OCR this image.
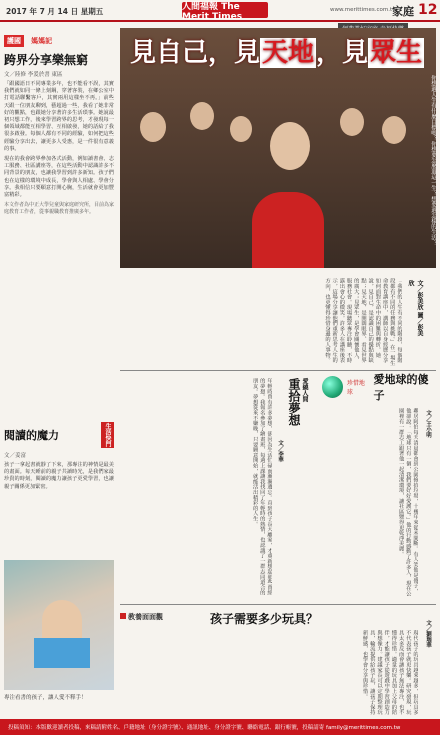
2017 年 7 月 14 日 星期五	人間福報 The Merit Times
www.merittimes.com.tw
家庭 12
護國 媽媽記
跨界分享樂無窮
文／陸修 李爰於書 東區

「跟國語日不同專業多年，也不能看不誤，其實我們就如同一條上刻鋼，穿著客裝，在鄉公室中打電話聯繫客戶，其實兩用這樣坐不再。」前些天跟一位朋友聊到，藝超過一些，我看了她非常好的觀點，也跟她分享著許多生活瑣事。她說最初只想工作，後來學習跨界的思考，才發現每一個領域都能互相學習、互相啟發，她的話給了我很多啟發。每個人都有不同的經驗，如何把這些經驗分享出去，讓更多人受惠，是一件很有意義的事。

現在的我會跨界參加各式活動，例如讀書會、志工服務、社區講座等，在這些活動中認識許多不同背景的朋友，也讓我學習到許多新知。孩子們也在這樣的環境中成長，學會與人相處、學會分享。我相信只要願意打開心胸，生活就會更加豐富精彩。

本文作者為中正大學兒童與家庭研究所，目前為家庭教育工作者，從事親職教育推廣多年。

閱讀的魔力	生活快門
文／姜富

孩子一拿起書就靜了下來，那專注的神情是最美的畫面。每天睡前的親子共讀時光，是我們家最珍貴的時刻，閱讀的魔力讓孩子更愛學習，也讓親子關係更加緊密。

專注看書的孩子，讓人愛不釋手！
見自己，見天地，見眾生
你想過人生有什麼目標嗎？你想要怎麼過這一生？想要過怎樣的生活？
文／彭美欣 圖／彭美欣
「我們的人生有不同的階段，每個階段都有不同的任務與挑戰。」在一場生命教育講座中，講師以自身經歷分享如何面對生命中的困難與轉折。她說，見自己，是認識自己的優點與缺點；見天地，是開闊眼界、看見世界的廣大；見眾生，是學會關懷他人、服務社會。現場聽眾專注聆聽，不時露出會心的微笑。許多人在講座後表示，這場分享讓他們重新思考人生的方向，也更懂得珍惜身邊的人事物。
愛繞人間
重拾夢想
文／李華
年輕時曾有許多夢想，卻因為生活忙碌而漸漸遺忘。直到孩子長大離家，才重新想起那些曾經的夢想。我報名參加了繪畫班，每週上課讓我找回了年輕時的熱情，也認識了一群志同道合的朋友。夢想從來不嫌晚，只要願意開始，就能活出精彩的人生。	珍惜地球
愛地球的傻子
文／王小明
鄰居阿伯每天清晨都會到公園撿拾垃圾，十幾年來從未間斷。有人笑他是傻子，他卻說：「地球只有一個，我們要好好愛護它。」他的行動感動了許多人，現在公園裡有一群志工跟著他一起清潔環境，讓社區變得更乾淨美麗。
教養面面觀	孩子需要多少玩具？
文／劉瑞華
現代孩子的玩具越來越多，但玩具多不代表孩子就更快樂。研究發現，玩具太多反而會讓孩子無法專注，也不懂得珍惜。適量的玩具加上父母的陪伴，才能讓孩子從遊戲中學習創造力與想像力。建議家長可以定期整理玩具，輪流提供給孩子玩，讓孩子保持新鮮感，也學會分享與珍惜。
投稿須知：本版歡迎讀者投稿，來稿請附姓名、戶籍地址（身分證字號）、通訊地址、身分證字號、聯絡電話、銀行帳號，投稿請寄 family@merittimes.com.tw
